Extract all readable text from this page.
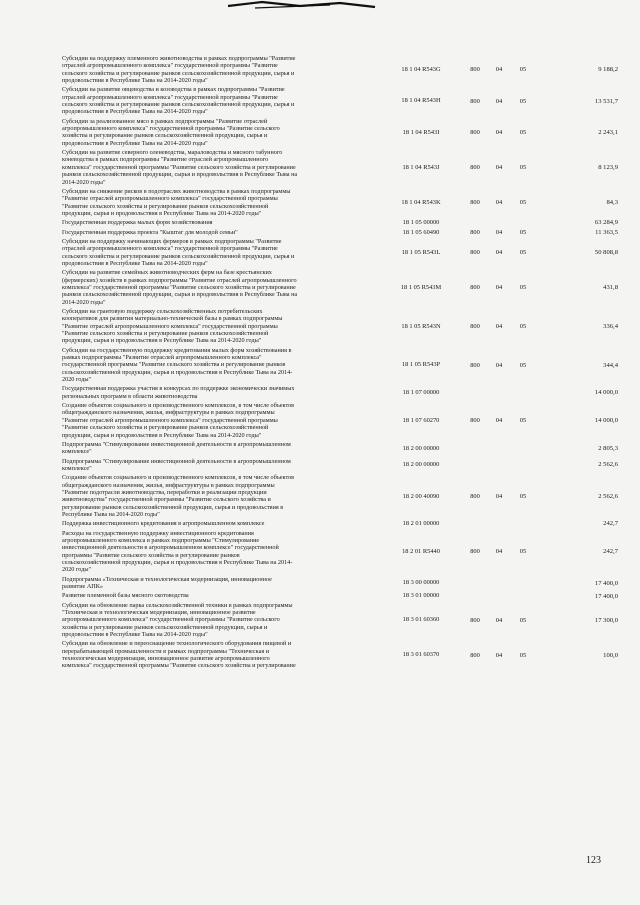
Субсидии на поддержку племенного животноводства в рамках подпрограммы "Развитие
отраслей агропромышленного комплекса" государственной программы "Развитие
сельского хозяйства и регулирование рынков сельскохозяйственной продукции, сырья и
продовольствия в Республике Тыва на 2014-2020 годы"
18 1 04 R543G	800	04	05	9 188,2
Субсидии на развитие овцеводства и козоводства в рамках подпрограммы "Развитие
отраслей агропромышленного комплекса" государственной программы "Развитие
сельского хозяйства и регулирование рынков сельскохозяйственной продукции, сырья и
продовольствия в Республике Тыва на 2014-2020 годы"
18 1 04 R543H	800	04	05	13 531,7
Субсидии за реализованное мясо в рамках подпрограммы "Развитие отраслей
агропромышленного комплекса" государственной программы "Развитие сельского
хозяйства и регулирование рынков сельскохозяйственной продукции, сырья и
продовольствия в Республике Тыва на 2014-2020 годы"
18 1 04 R543I	800	04	05	2 243,1
Субсидии на развитие северного оленеводства, мараловодства и мясного табунного
коневодства в рамках подпрограммы "Развитие отраслей агропромышленного
комплекса" государственной программы "Развитие сельского хозяйства и регулирование
рынков сельскохозяйственной продукции, сырья и продовольствия в Республике Тыва на
2014-2020 годы"
18 1 04 R543J	800	04	05	8 123,9
Субсидии на снижение рисков в подотраслях животноводства в рамках подпрограммы
"Развитие отраслей агропромышленного комплекса" государственной программы
"Развитие сельского хозяйства и регулирование рынков сельскохозяйственной
продукции, сырья и продовольствия в Республике Тыва на 2014-2020 годы"
18 1 04 R543K	800	04	05	84,3
Государственная поддержка малых форм хозяйствования	18 1 05 00000	63 284,9
Государственная поддержка проекта "Кыштаг для молодой семьи"	18 1 05 60490	800	04	05	11 363,5
Субсидии на поддержку начинающих фермеров в рамках подпрограммы "Развитие
отраслей агропромышленного комплекса" государственной программы "Развитие
сельского хозяйства и регулирование рынков сельскохозяйственной продукции, сырья и
продовольствия в Республике Тыва на 2014-2020 годы"
18 1 05 R543L	800	04	05	50 808,8
Субсидии на развитие семейных животноводческих ферм на базе крестьянских
(фермерских) хозяйств в рамках подпрограммы "Развитие отраслей агропромышленного
комплекса" государственной программы "Развитие сельского хозяйства и регулирование
рынков сельскохозяйственной продукции, сырья и продовольствия в Республике Тыва на
2014-2020 годы"
18 1 05 R543M	800	04	05	431,8
Субсидии на грантовую поддержку сельскохозяйственных потребительских
кооперативов для развития материально-технической базы в рамках подпрограммы
"Развитие отраслей агропромышленного комплекса" государственной программы
"Развитие сельского хозяйства и регулирование рынков сельскохозяйственной
продукции, сырья и продовольствия в Республике Тыва на 2014-2020 годы"
18 1 05 R543N	800	04	05	336,4
Субсидии на государственную поддержку кредитования малых форм хозяйствования в
рамках подпрограммы "Развитие отраслей агропромышленного комплекса"
государственной программы "Развитие сельского хозяйства и регулирование рынков
сельскохозяйственной продукции, сырья и продовольствия в Республике Тыва на 2014-
2020 годы"
18 1 05 R543P	800	04	05	344,4
Государственная поддержка участия в конкурсах по поддержке экономически значимых
региональных программ в области животноводства
18 1 07 00000	14 000,0
Создание объектов социального и производственного комплексов, в том числе объектов
общегражданского назначения, жилья, инфраструктуры в рамках подпрограммы
"Развитие отраслей агропромышленного комплекса" государственной программы
"Развитие сельского хозяйства и регулирование рынков сельскохозяйственной
продукции, сырья и продовольствия в Республике Тыва на 2014-2020 годы"
18 1 07 60270	800	04	05	14 000,0
Подпрограмма "Стимулирование инвестиционной деятельности в агропромышленном
комплексе"
18 2 00 00000	2 805,3
Подпрограмма "Стимулирование инвестиционной деятельности в агропромышленном
комплексе"
18 2 00 00000	2 562,6
Создание объектов социального и производственного комплексов, в том числе объектов
общегражданского назначения, жилья, инфраструктуры в рамках подпрограммы
"Развитие подотрасли животноводства, переработки и реализации продукции
животноводства" государственной программы "Развитие сельского хозяйства и
регулирование рынков сельскохозяйственной продукции, сырья и продовольствия в
Республике Тыва на 2014-2020 годы"
18 2 00 40090	800	04	05	2 562,6
Поддержка инвестиционного кредитования в агропромышленном комплексе	18 2 01 00000	242,7
Расходы на государственную поддержку инвестиционного кредитования
агропромышленного комплекса в рамках подпрограммы "Стимулирование
инвестиционной деятельности в агропромышленном комплексе" государственной
программы "Развитие сельского хозяйства и регулирование рынков
сельскохозяйственной продукции, сырья и продовольствия в Республике Тыва на 2014-
2020 годы"
18 2 01 R5440	800	04	05	242,7
Подпрограмма «Техническая и технологическая модернизация, инновационное
развитие АПК»
18 3 00 00000	17 400,0
Развитие племенной базы мясного скотоводства	18 3 01 00000	17 400,0
Субсидии на обновление парка сельскохозяйственной техники в рамках подпрограммы
"Техническая и технологическая модернизация, инновационное развитие
агропромышленного комплекса" государственной программы "Развитие сельского
хозяйства и регулирование рынков сельскохозяйственной продукции, сырья и
продовольствия в Республике Тыва на 2014-2020 годы"
18 3 01 60360	800	04	05	17 300,0
Субсидии на обновление и переоснащение технологического оборудования пищевой и
перерабатывающей промышленности в рамках подпрограммы "Техническая и
технологическая модернизация, инновационное развитие агропромышленного
комплекса" государственной программы "Развитие сельского хозяйства и регулирование
18 3 01 60370	800	04	05	100,0
123
